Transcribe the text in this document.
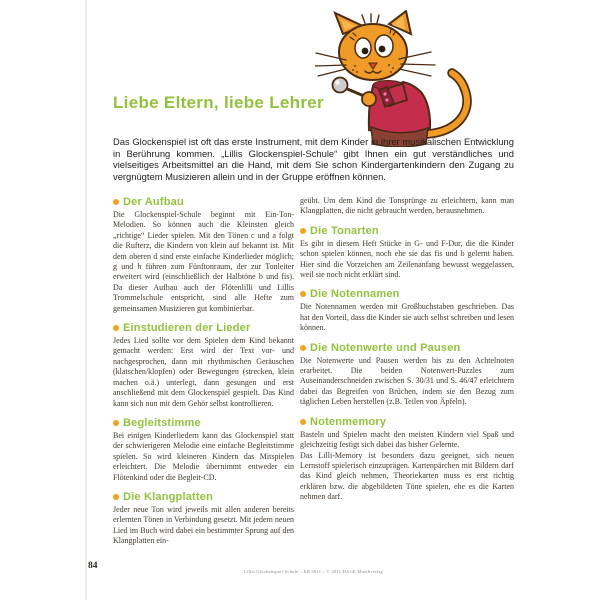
Liebe Eltern, liebe Lehrer

Das Glockenspiel ist oft das erste Instrument, mit dem Kinder in ihrer musikalischen Entwicklung in Berührung kommen. „Lillis Glockenspiel-Schule“ gibt Ihnen ein gut verständliches und vielseitiges Arbeitsmittel an die Hand, mit dem Sie schon Kindergartenkindern den Zugang zu vergnügtem Musizieren allein und in der Gruppe eröffnen können.

Der Aufbau

Die Glockenspiel-Schule beginnt mit Ein-Ton-Melodien. So können auch die Kleinsten gleich „richtige“ Lieder spielen. Mit den Tönen c und a folgt die Rufterz, die Kindern von klein auf bekannt ist. Mit dem oberen d sind erste einfache Kinderlieder möglich; g und h führen zum Fünftonraum, der zur Tonleiter erweitert wird (einschließlich der Halbtöne b und fis). Da dieser Aufbau auch der Flötenlilli und Lillis Trommelschule entspricht, sind alle Hefte zum gemeinsamen Musizieren gut kombinierbar.

Einstudieren der Lieder

Jedes Lied sollte vor dem Spielen dem Kind bekannt gemacht werden: Erst wird der Text vor- und nachgesprochen, dann mit rhythmischen Geräuschen (klatschen/klopfen) oder Bewegungen (strecken, klein machen o.ä.) unterlegt, dann gesungen und erst anschließend mit dem Glockenspiel gespielt. Das Kind kann sich nun mit dem Gehör selbst kontrollieren.

Begleitstimme

Bei einigen Kinderliedern kann das Glockenspiel statt der schwierigeren Melodie eine einfache Begleitstimme spielen. So wird kleineren Kindern das Mitspielen erleichtert. Die Melodie übernimmt entweder ein Flötenkind oder die Begleit-CD.

Die Klangplatten

Jeder neue Ton wird jeweils mit allen anderen bereits erlernten Tönen in Verbindung gesetzt. Mit jedem neuen Lied im Buch wird dabei ein bestimmter Sprung auf den Klangplatten ein-

geübt. Um dem Kind die Tonsprünge zu erleichtern, kann man Klangplatten, die nicht gebraucht werden, herausnehmen.

Die Tonarten

Es gibt in diesem Heft Stücke in G- und F-Dur, die die Kinder schon spielen können, noch ehe sie das fis und b gelernt haben. Hier sind die Vorzeichen am Zeilenanfang bewusst weggelassen, weil sie noch nicht erklärt sind.

Die Notennamen

Die Notennamen werden mit Großbuchstaben geschrieben. Das hat den Vorteil, dass die Kinder sie auch selbst schreiben und lesen können.

Die Notenwerte und Pausen

Die Notenwerte und Pausen werden bis zu den Achtelnoten erarbeitet. Die beiden Notenwert-Puzzles zum Auseinanderschneiden zwischen S. 30/31 und S. 46/47 erleichtern dabei das Begreifen von Brüchen, indem sie den Bezug zum täglichen Leben herstellen (z.B. Teilen von Äpfeln).

Notenmemory

Basteln und Spielen macht den meisten Kindern viel Spaß und gleichzeitig festigt sich dabei das bisher Gelernte.

Das Lilli-Memory ist besonders dazu geeignet, sich neuen Lernstoff spielerisch einzuprägen. Kartenpärchen mit Bildern darf das Kind gleich nehmen, Theoriekarten muss es erst richtig erklären bzw. die abgebildeten Töne spielen, ehe es die Karten nehmen darf.

84
Lillis Glockenspiel-Schule – EH 3911 – © 2011 HAGE Musikverlag
